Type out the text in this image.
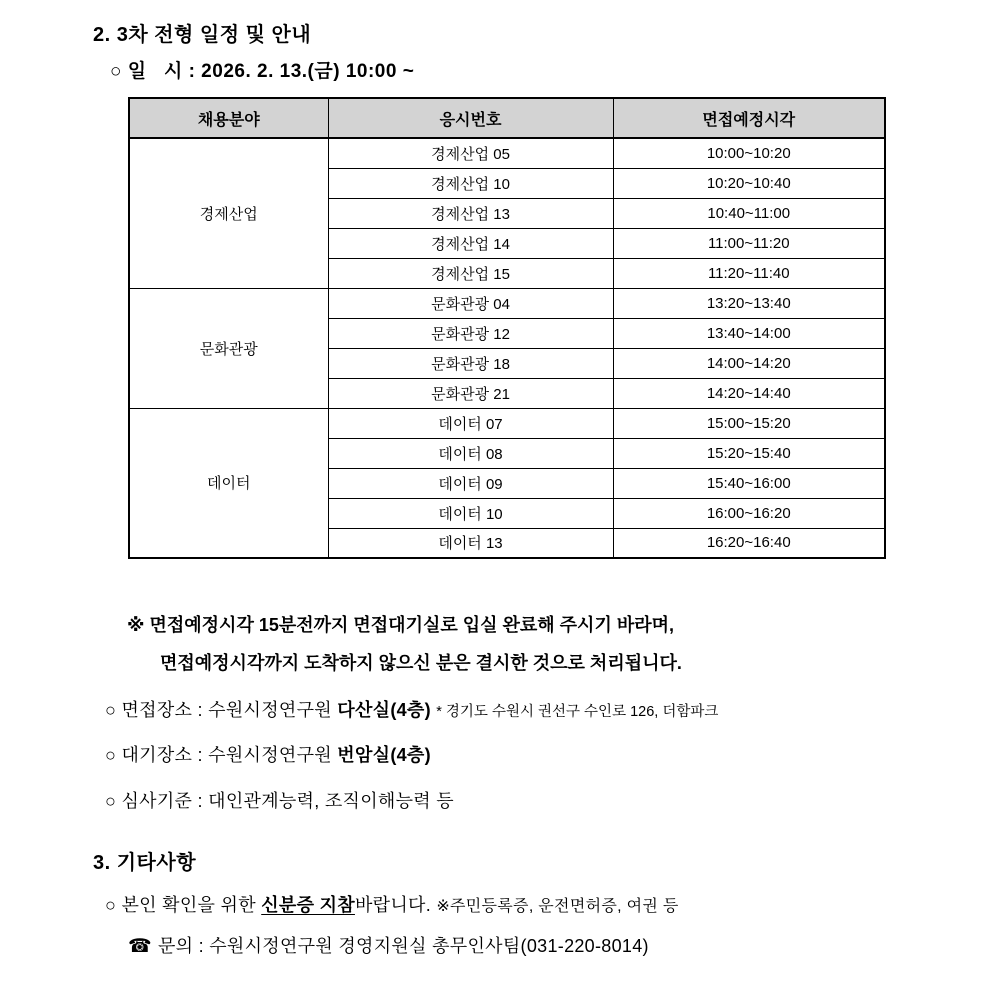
2. 3차 전형 일정 및 안내
○ 일   시 : 2026. 2. 13.(금) 10:00 ~
채용분야	응시번호	면접예정시각
경제산업	경제산업 05	10:00~10:20
	경제산업 10	10:20~10:40
	경제산업 13	10:40~11:00
	경제산업 14	11:00~11:20
	경제산업 15	11:20~11:40
문화관광	문화관광 04	13:20~13:40
	문화관광 12	13:40~14:00
	문화관광 18	14:00~14:20
	문화관광 21	14:20~14:40
데이터	데이터 07	15:00~15:20
	데이터 08	15:20~15:40
	데이터 09	15:40~16:00
	데이터 10	16:00~16:20
	데이터 13	16:20~16:40
※ 면접예정시각 15분전까지 면접대기실로 입실 완료해 주시기 바라며,
면접예정시각까지 도착하지 않으신 분은 결시한 것으로 처리됩니다.
○ 면접장소 : 수원시정연구원 다산실(4층) * 경기도 수원시 권선구 수인로 126, 더함파크
○ 대기장소 : 수원시정연구원 번암실(4층)
○ 심사기준 : 대인관계능력, 조직이해능력 등
3. 기타사항
○ 본인 확인을 위한 신분증 지참바랍니다. ※주민등록증, 운전면허증, 여권 등
☎ 문의 : 수원시정연구원 경영지원실 총무인사팀(031-220-8014)
